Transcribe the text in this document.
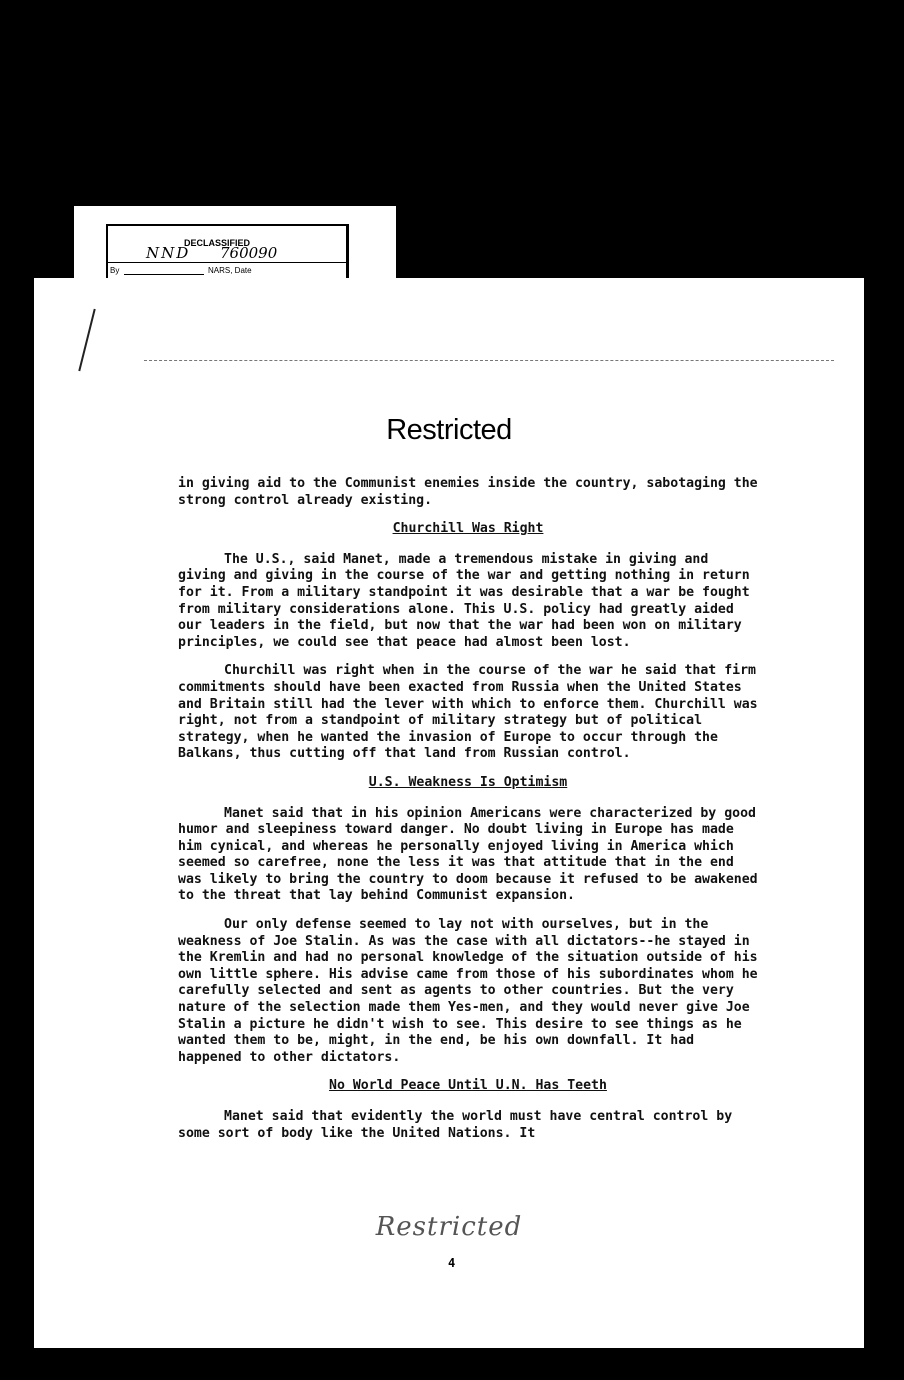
DECLASSIFIED
NND 760090
By	NARS, Date
Restricted

in giving aid to the Communist enemies inside the country, sabotaging the strong control already existing.

Churchill Was Right

The U.S., said Manet, made a tremendous mistake in giving and giving and giving in the course of the war and getting nothing in return for it. From a military standpoint it was desirable that a war be fought from military considerations alone. This U.S. policy had greatly aided our leaders in the field, but now that the war had been won on military principles, we could see that peace had almost been lost.

Churchill was right when in the course of the war he said that firm commitments should have been exacted from Russia when the United States and Britain still had the lever with which to enforce them. Churchill was right, not from a standpoint of military strategy but of political strategy, when he wanted the invasion of Europe to occur through the Balkans, thus cutting off that land from Russian control.

U.S. Weakness Is Optimism

Manet said that in his opinion Americans were characterized by good humor and sleepiness toward danger. No doubt living in Europe has made him cynical, and whereas he personally enjoyed living in America which seemed so carefree, none the less it was that attitude that in the end was likely to bring the country to doom because it refused to be awakened to the threat that lay behind Communist expansion.

Our only defense seemed to lay not with ourselves, but in the weakness of Joe Stalin. As was the case with all dictators--he stayed in the Kremlin and had no personal knowledge of the situation outside of his own little sphere. His advise came from those of his subordinates whom he carefully selected and sent as agents to other countries. But the very nature of the selection made them Yes-men, and they would never give Joe Stalin a picture he didn't wish to see. This desire to see things as he wanted them to be, might, in the end, be his own downfall. It had happened to other dictators.

No World Peace Until U.N. Has Teeth

Manet said that evidently the world must have central control by some sort of body like the United Nations. It

Restricted
4
